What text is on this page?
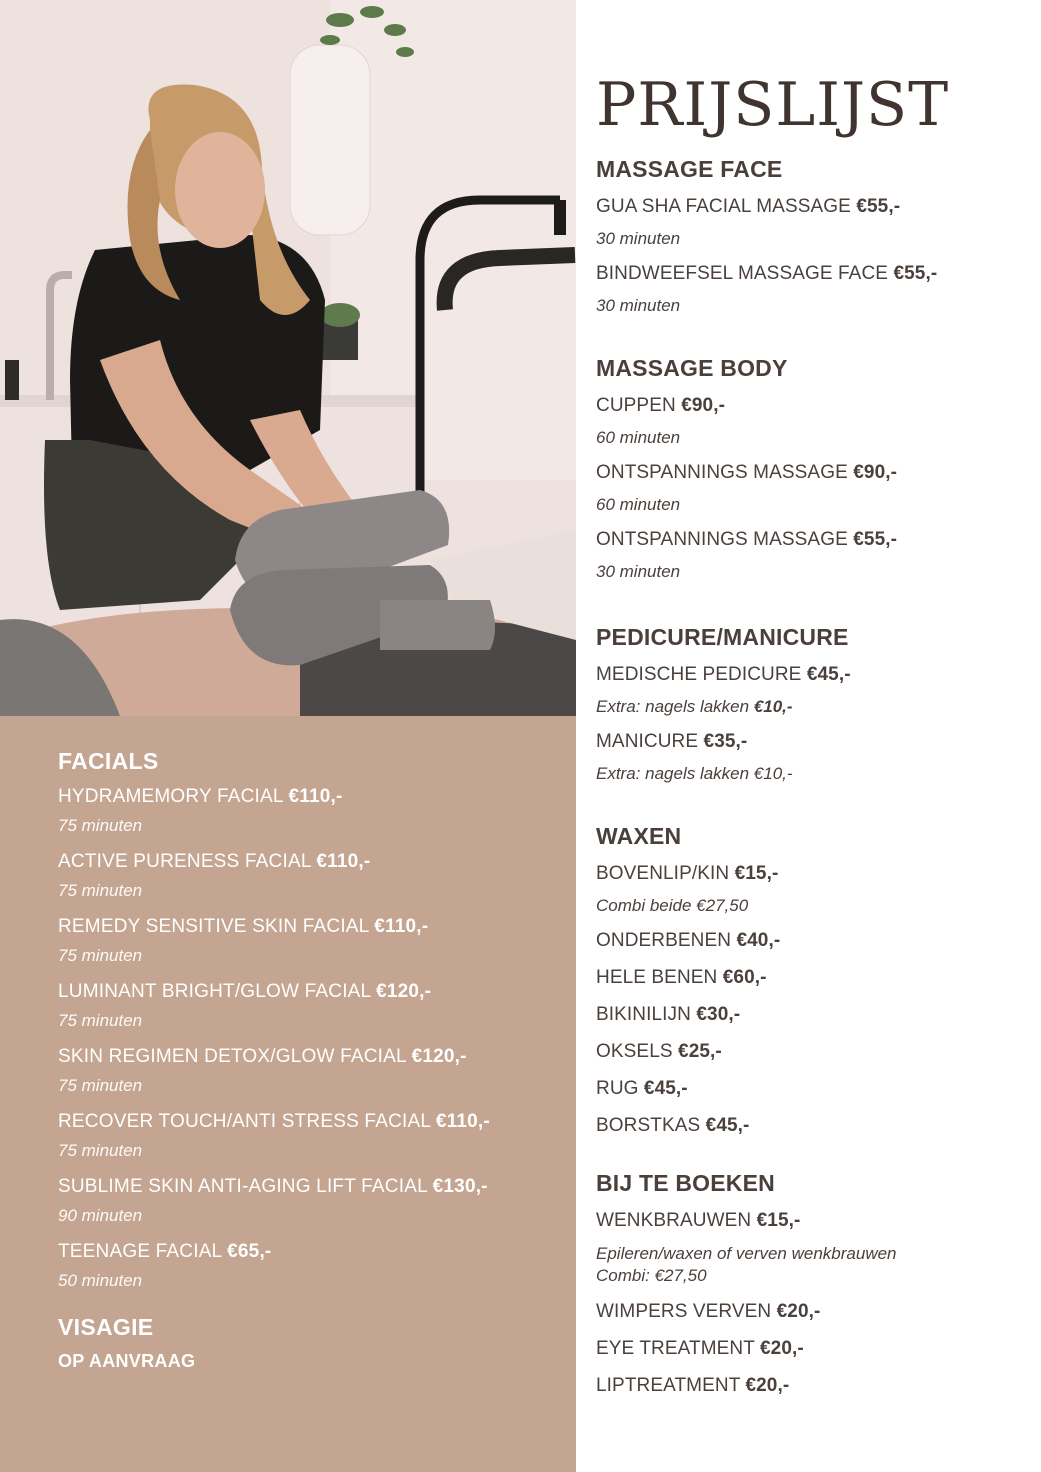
FACIALS

HYDRAMEMORY FACIAL €110,-

75 minuten

ACTIVE PURENESS FACIAL €110,-

75 minuten

REMEDY SENSITIVE SKIN FACIAL €110,-

75 minuten

LUMINANT BRIGHT/GLOW FACIAL €120,-

75 minuten

SKIN REGIMEN DETOX/GLOW FACIAL €120,-

75 minuten

RECOVER TOUCH/ANTI STRESS FACIAL €110,-

75 minuten

SUBLIME SKIN ANTI-AGING LIFT FACIAL €130,-

90 minuten

TEENAGE FACIAL €65,-

50 minuten

VISAGIE

OP AANVRAAG

PRIJSLIJST
MASSAGE FACE

GUA SHA FACIAL MASSAGE €55,-

30 minuten

BINDWEEFSEL MASSAGE FACE €55,-

30 minuten

MASSAGE BODY

CUPPEN €90,-

60 minuten

ONTSPANNINGS MASSAGE €90,-

60 minuten

ONTSPANNINGS MASSAGE €55,-

30 minuten

PEDICURE/MANICURE

MEDISCHE PEDICURE €45,-

Extra: nagels lakken €10,-

MANICURE €35,-

Extra: nagels lakken €10,-

WAXEN

BOVENLIP/KIN €15,-

Combi beide €27,50

ONDERBENEN €40,-

HELE BENEN €60,-

BIKINILIJN €30,-

OKSELS €25,-

RUG €45,-

BORSTKAS €45,-

BIJ TE BOEKEN

WENKBRAUWEN €15,-

Epileren/waxen of verven wenkbrauwen
Combi: €27,50

WIMPERS VERVEN €20,-

EYE TREATMENT €20,-

LIPTREATMENT €20,-
